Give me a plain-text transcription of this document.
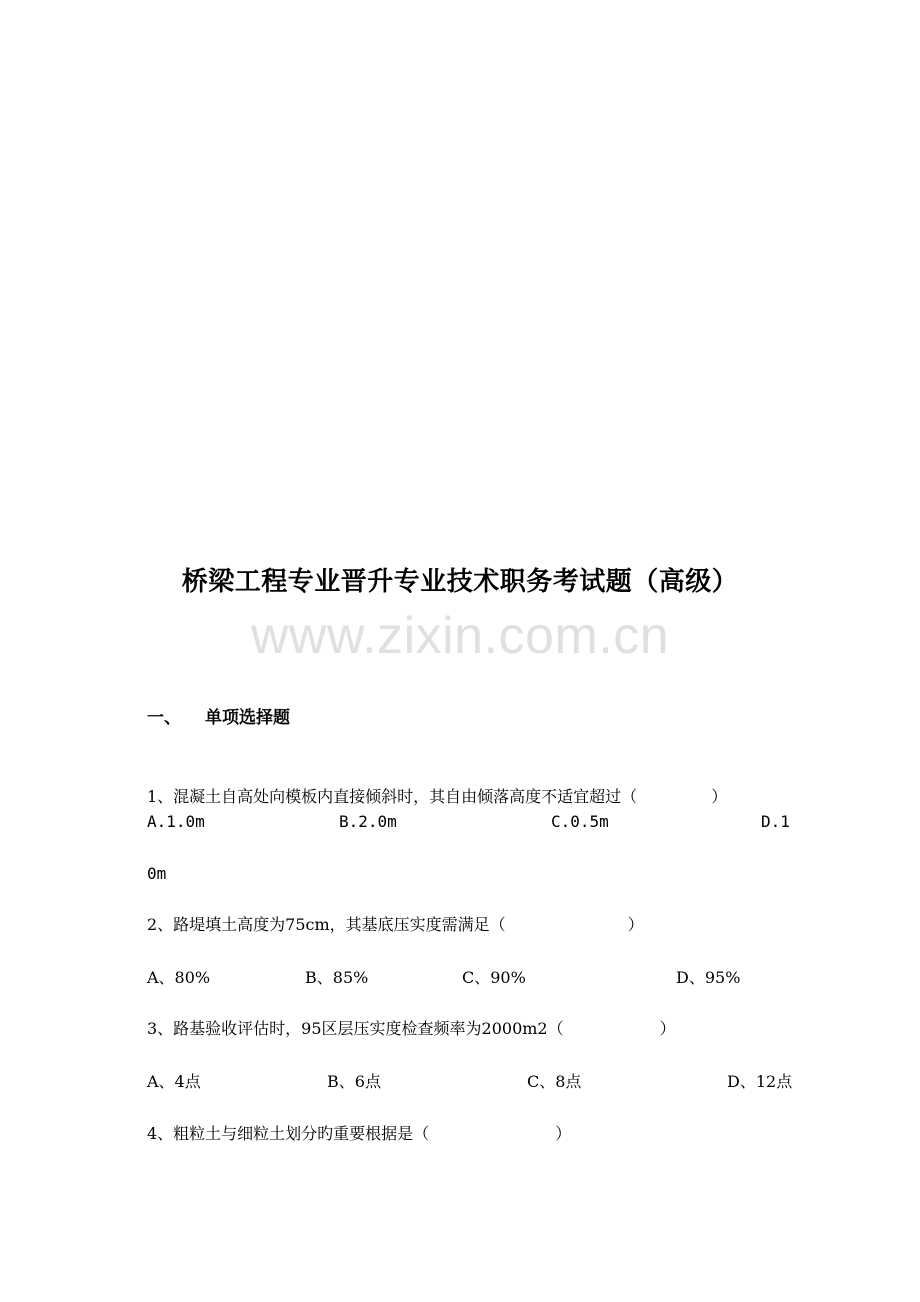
桥梁工程专业晋升专业技术职务考试题（高级）
www.zixin.com.cn
一、 单项选择题
1、混凝土自高处向模板内直接倾斜时，其自由倾落高度不适宜超过（	）
A.1.0m	B.2.0m	C.0.5m	D.1
0m
2、路堤填土高度为75cm，其基底压实度需满足（	）
A、80%	B、85%	C、90%	D、95%
3、路基验收评估时，95区层压实度检查频率为2000m2（	）
A、4点	B、6点	C、8点	D、12点
4、粗粒土与细粒土划分旳重要根据是（	）
